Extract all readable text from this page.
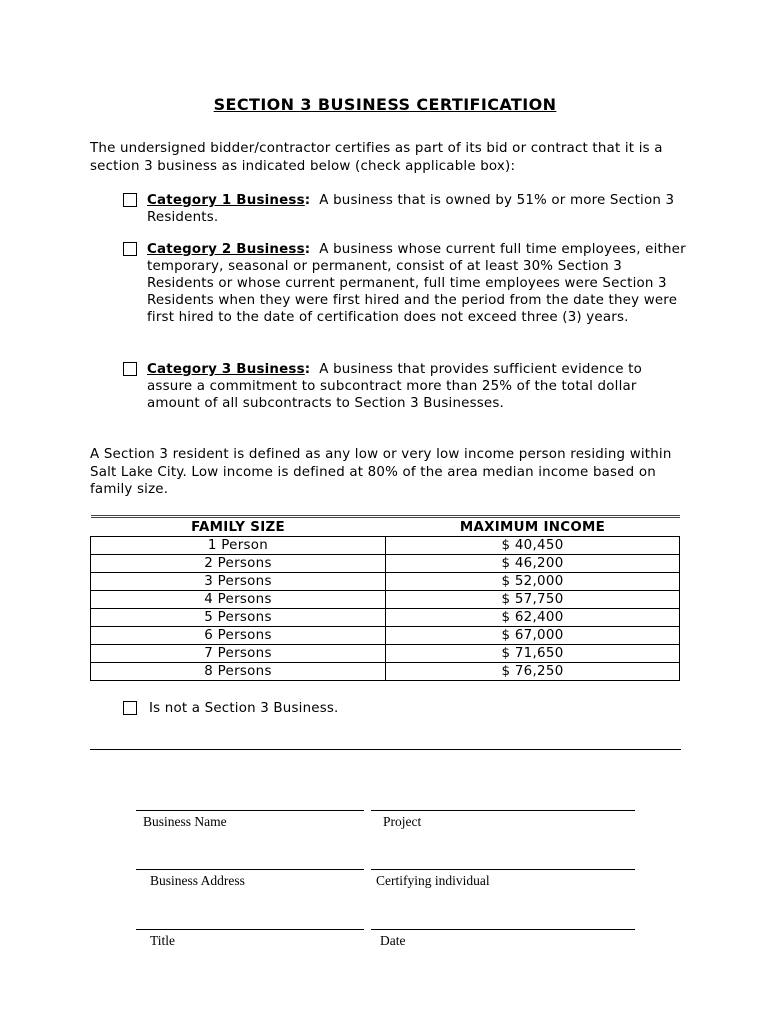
SECTION 3 BUSINESS CERTIFICATION
The undersigned bidder/contractor certifies as part of its bid or contract that it is a section 3 business as indicated below (check applicable box):
Category 1 Business: A business that is owned by 51% or more Section 3 Residents.
Category 2 Business: A business whose current full time employees, either temporary, seasonal or permanent, consist of at least 30% Section 3 Residents or whose current permanent, full time employees were Section 3 Residents when they were first hired and the period from the date they were first hired to the date of certification does not exceed three (3) years.
Category 3 Business: A business that provides sufficient evidence to assure a commitment to subcontract more than 25% of the total dollar amount of all subcontracts to Section 3 Businesses.
A Section 3 resident is defined as any low or very low income person residing within Salt Lake City. Low income is defined at 80% of the area median income based on family size.
FAMILY SIZE	MAXIMUM INCOME
1 Person	$ 40,450
2 Persons	$ 46,200
3 Persons	$ 52,000
4 Persons	$ 57,750
5 Persons	$ 62,400
6 Persons	$ 67,000
7 Persons	$ 71,650
8 Persons	$ 76,250
Is not a Section 3 Business.
Business Name	Project
Business Address	Certifying individual
Title	Date
